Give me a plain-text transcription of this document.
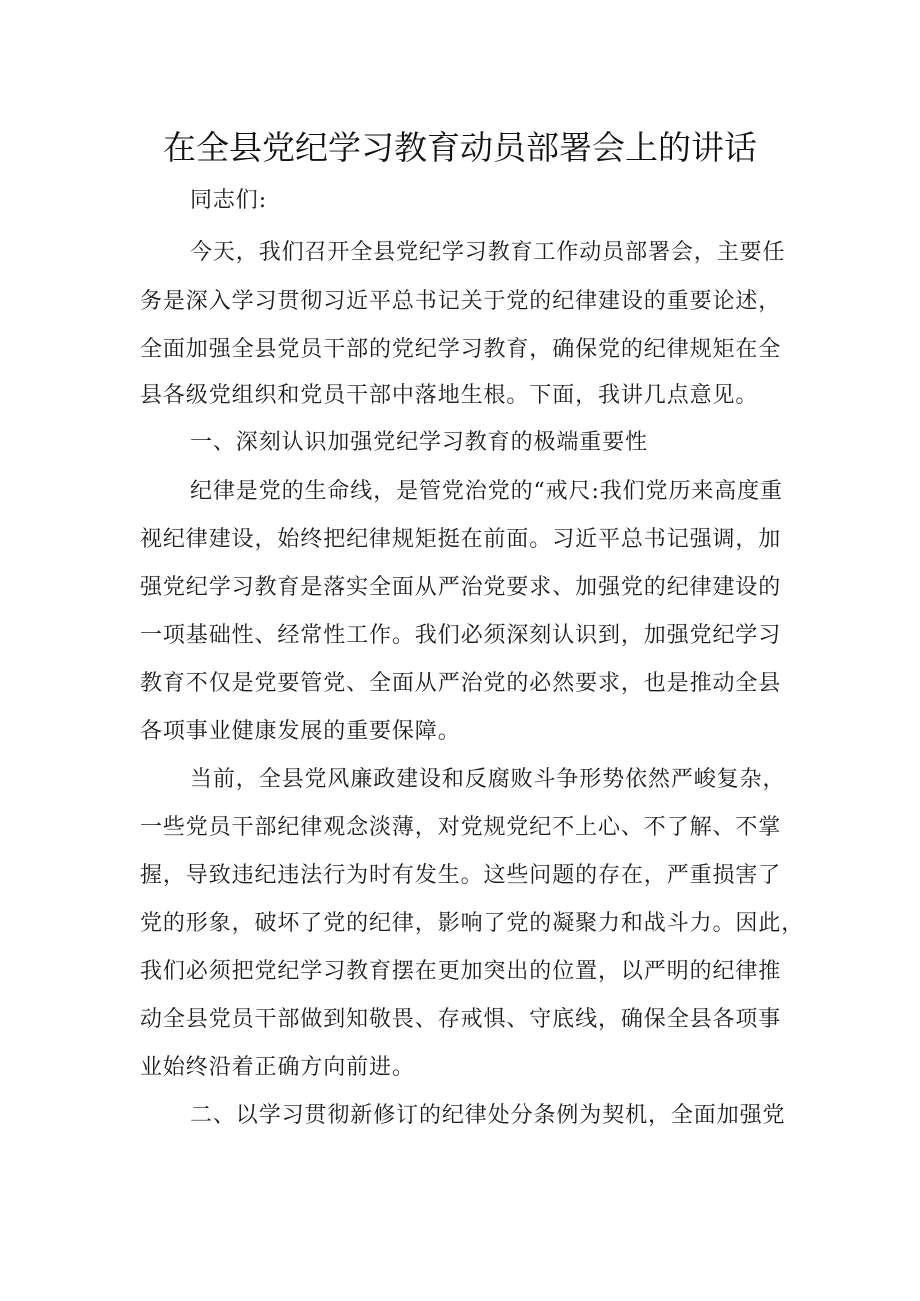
在全县党纪学习教育动员部署会上的讲话
同志们:
今天，我们召开全县党纪学习教育工作动员部署会，主要任
务是深入学习贯彻习近平总书记关于党的纪律建设的重要论述，
全面加强全县党员干部的党纪学习教育，确保党的纪律规矩在全
县各级党组织和党员干部中落地生根。下面，我讲几点意见。
一、深刻认识加强党纪学习教育的极端重要性
纪律是党的生命线，是管党治党的“戒尺:我们党历来高度重
视纪律建设，始终把纪律规矩挺在前面。习近平总书记强调，加
强党纪学习教育是落实全面从严治党要求、加强党的纪律建设的
一项基础性、经常性工作。我们必须深刻认识到，加强党纪学习
教育不仅是党要管党、全面从严治党的必然要求，也是推动全县
各项事业健康发展的重要保障。
当前，全县党风廉政建设和反腐败斗争形势依然严峻复杂，
一些党员干部纪律观念淡薄，对党规党纪不上心、不了解、不掌
握，导致违纪违法行为时有发生。这些问题的存在，严重损害了
党的形象，破坏了党的纪律，影响了党的凝聚力和战斗力。因此，
我们必须把党纪学习教育摆在更加突出的位置，以严明的纪律推
动全县党员干部做到知敬畏、存戒惧、守底线，确保全县各项事
业始终沿着正确方向前进。
二、以学习贯彻新修订的纪律处分条例为契机，全面加强党
